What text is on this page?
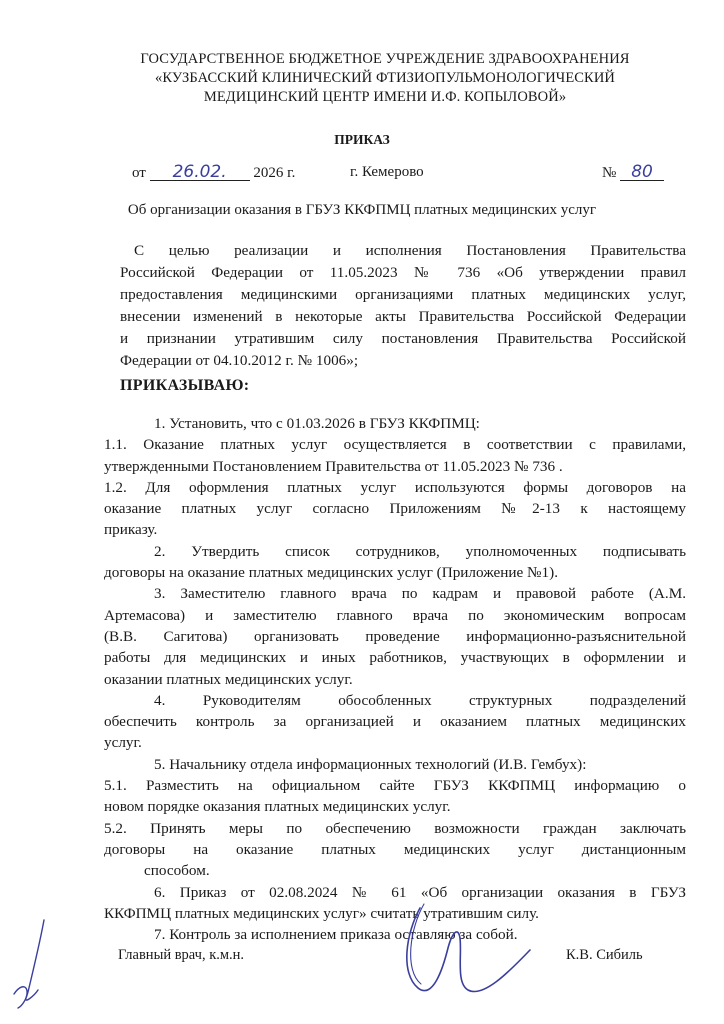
ГОСУДАРСТВЕННОЕ БЮДЖЕТНОЕ УЧРЕЖДЕНИЕ ЗДРАВООХРАНЕНИЯ
«КУЗБАССКИЙ КЛИНИЧЕСКИЙ ФТИЗИОПУЛЬМОНОЛОГИЧЕСКИЙ
МЕДИЦИНСКИЙ ЦЕНТР ИМЕНИ И.Ф. КОПЫЛОВОЙ»
ПРИКАЗ
от 26.02. 2026 г.	г. Кемерово	№ 80
Об организации оказания в ГБУЗ ККФПМЦ платных медицинских услуг
С целью реализации и исполнения Постановления Правительства
Российской Федерации от 11.05.2023 № 736 «Об утверждении правил
предоставления медицинскими организациями платных медицинских услуг,
внесении изменений в некоторые акты Правительства Российской Федерации
и признании утратившим силу постановления Правительства Российской
Федерации от 04.10.2012 г. № 1006»;
ПРИКАЗЫВАЮ:
1. Установить, что с 01.03.2026 в ГБУЗ ККФПМЦ:
1.1. Оказание платных услуг осуществляется в соответствии с правилами,
утвержденными Постановлением Правительства от 11.05.2023 № 736 .
1.2. Для оформления платных услуг используются формы договоров на
оказание платных услуг согласно Приложениям №2-13 к настоящему
приказу.
2. Утвердить список сотрудников, уполномоченных подписывать
договоры на оказание платных медицинских услуг (Приложение №1).
3. Заместителю главного врача по кадрам и правовой работе (А.М.
Артемасова) и заместителю главного врача по экономическим вопросам
(В.В. Сагитова) организовать проведение информационно-разъяснительной
работы для медицинских и иных работников, участвующих в оформлении и
оказании платных медицинских услуг.
4. Руководителям обособленных структурных подразделений
обеспечить контроль за организацией и оказанием платных медицинских
услуг.
5. Начальнику отдела информационных технологий (И.В. Гембух):
5.1. Разместить на официальном сайте ГБУЗ ККФПМЦ информацию о
новом порядке оказания платных медицинских услуг.
5.2. Принять меры по обеспечению возможности граждан заключать
договоры на оказание платных медицинских услуг дистанционным
способом.
6. Приказ от 02.08.2024 № 61 «Об организации оказания в ГБУЗ
ККФПМЦ платных медицинских услуг» считать утратившим силу.
7. Контроль за исполнением приказа оставляю за собой.
Главный врач, к.м.н.	К.В. Сибиль
